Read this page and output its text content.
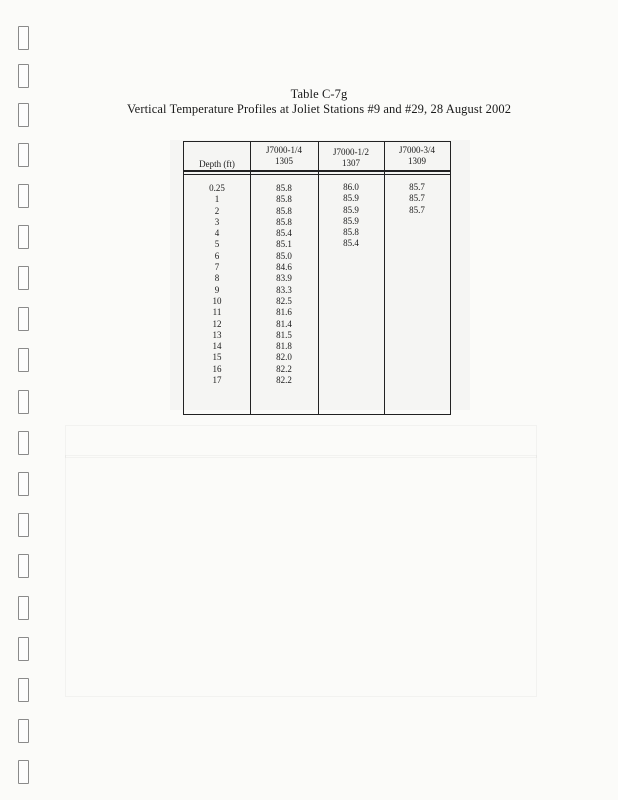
Table C-7g
Vertical Temperature Profiles at Joliet Stations #9 and #29, 28 August 2002
Depth (ft)
J7000-1/4
1305
J7000-1/2
1307
J7000-3/4
1309
0.25
1
2
3
4
5
6
7
8
9
10
11
12
13
14
15
16
17
85.8
85.8
85.8
85.8
85.4
85.1
85.0
84.6
83.9
83.3
82.5
81.6
81.4
81.5
81.8
82.0
82.2
82.2
86.0
85.9
85.9
85.9
85.8
85.4
85.7
85.7
85.7
